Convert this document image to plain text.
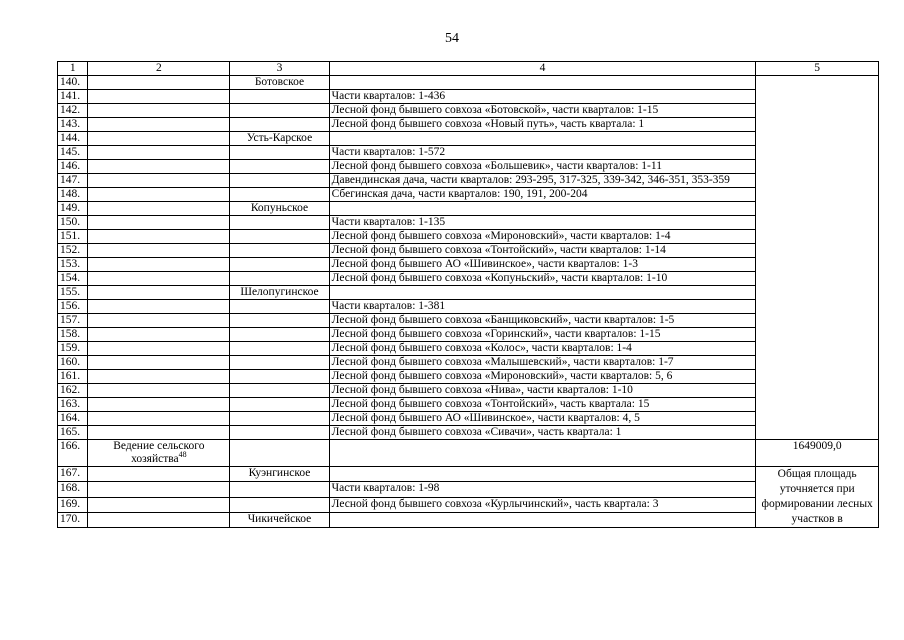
54
1	2	3	4	5
140.		Ботовское		
141.			Части кварталов: 1-436	
142.			Лесной фонд бывшего совхоза «Ботовской», части кварталов: 1-15	
143.			Лесной фонд бывшего совхоза «Новый путь», часть квартала: 1	
144.		Усть-Карское		
145.			Части кварталов: 1-572	
146.			Лесной фонд бывшего совхоза «Большевик», части кварталов: 1-11	
147.			Давендинская дача, части кварталов: 293-295, 317-325, 339-342, 346-351, 353-359	
148.			Сбегинская дача, части кварталов: 190, 191, 200-204	
149.		Копуньское		
150.			Части кварталов: 1-135	
151.			Лесной фонд бывшего совхоза «Мироновский», части кварталов: 1-4	
152.			Лесной фонд бывшего совхоза «Тонтойский», части кварталов: 1-14	
153.			Лесной фонд бывшего АО «Шивинское», части кварталов: 1-3	
154.			Лесной фонд бывшего совхоза «Копуньский», части кварталов: 1-10	
155.		Шелопугинское		
156.			Части кварталов: 1-381	
157.			Лесной фонд бывшего совхоза «Банщиковский», части кварталов: 1-5	
158.			Лесной фонд бывшего совхоза «Горинский», части кварталов: 1-15	
159.			Лесной фонд бывшего совхоза «Колос», части кварталов: 1-4	
160.			Лесной фонд бывшего совхоза «Малышевский», части кварталов: 1-7	
161.			Лесной фонд бывшего совхоза «Мироновский», части кварталов: 5, 6	
162.			Лесной фонд бывшего совхоза «Нива», части кварталов: 1-10	
163.			Лесной фонд бывшего совхоза «Тонтойский», часть квартала: 15	
164.			Лесной фонд бывшего АО «Шивинское», части кварталов: 4, 5	
165.			Лесной фонд бывшего совхоза «Сивачи», часть квартала: 1	
166.	Ведение сельского хозяйства$^{48}$			1649009,0
167.		Куэнгинское		Общая площадь уточняется при формировании лесных участков в
168.			Части кварталов: 1-98	
169.			Лесной фонд бывшего совхоза «Курлычинский», часть квартала: 3	
170.		Чикичейское		
